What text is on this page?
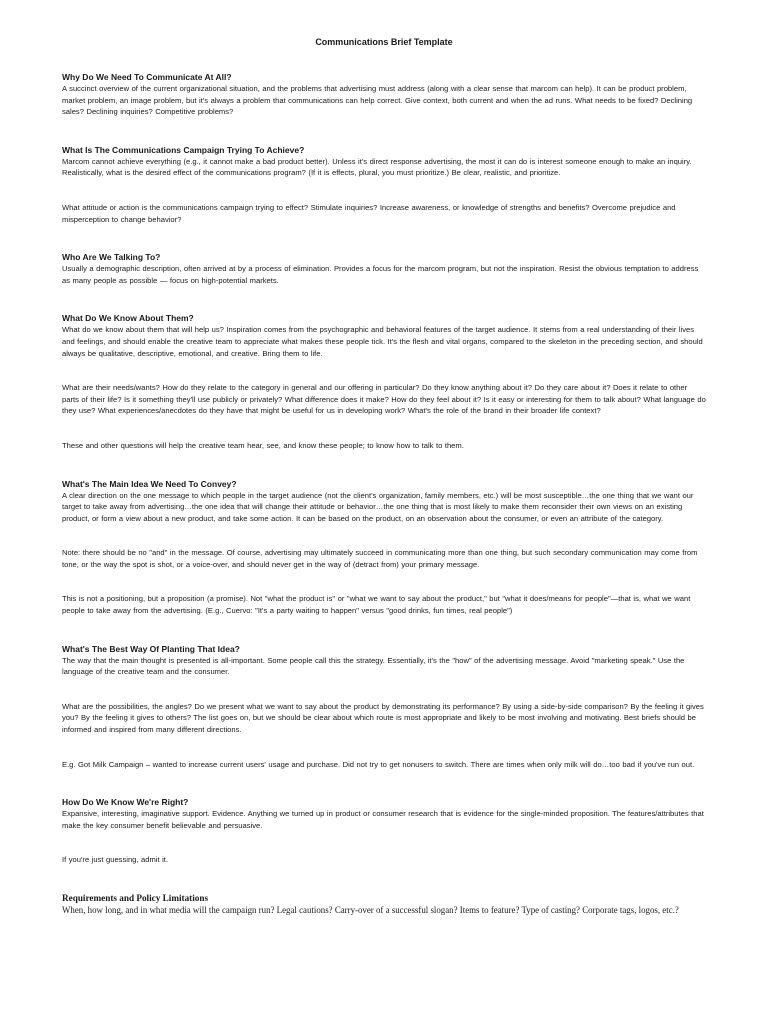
Communications Brief Template
Why Do We Need To Communicate At All?

A succinct overview of the current organizational situation, and the problems that advertising must address (along with a clear sense that marcom can help). It can be product problem, market problem, an image problem, but it's always a problem that communications can help correct. Give context, both current and when the ad runs. What needs to be fixed? Declining sales? Declining inquiries? Competitive problems?

What Is The Communications Campaign Trying To Achieve?

Marcom cannot achieve everything (e.g., it cannot make a bad product better). Unless it's direct response advertising, the most it can do is interest someone enough to make an inquiry. Realistically, what is the desired effect of the communications program? (If it is effects, plural, you must prioritize.) Be clear, realistic, and prioritize.

What attitude or action is the communications campaign trying to effect? Stimulate inquiries? Increase awareness, or knowledge of strengths and benefits? Overcome prejudice and misperception to change behavior?

Who Are We Talking To?

Usually a demographic description, often arrived at by a process of elimination. Provides a focus for the marcom program, but not the inspiration. Resist the obvious temptation to address as many people as possible — focus on high-potential markets.

What Do We Know About Them?

What do we know about them that will help us? Inspiration comes from the psychographic and behavioral features of the target audience. It stems from a real understanding of their lives and feelings, and should enable the creative team to appreciate what makes these people tick. It's the flesh and vital organs, compared to the skeleton in the preceding section, and should always be qualitative, descriptive, emotional, and creative. Bring them to life.

What are their needs/wants? How do they relate to the category in general and our offering in particular? Do they know anything about it? Do they care about it? Does it relate to other parts of their life? Is it something they'll use publicly or privately? What difference does it make? How do they feel about it? Is it easy or interesting for them to talk about? What language do they use? What experiences/anecdotes do they have that might be useful for us in developing work? What's the role of the brand in their broader life context?

These and other questions will help the creative team hear, see, and know these people; to know how to talk to them.

What's The Main Idea We Need To Convey?

A clear direction on the one message to which people in the target audience (not the client's organization, family members, etc.) will be most susceptible…the one thing that we want our target to take away from advertising…the one idea that will change their attitude or behavior…the one thing that is most likely to make them reconsider their own views on an existing product, or form a view about a new product, and take some action. It can be based on the product, on an observation about the consumer, or even an attribute of the category.

Note: there should be no "and" in the message. Of course, advertising may ultimately succeed in communicating more than one thing, but such secondary communication may come from tone, or the way the spot is shot, or a voice-over, and should never get in the way of (detract from) your primary message.

This is not a positioning, but a proposition (a promise). Not "what the product is" or "what we want to say about the product," but "what it does/means for people"—that is, what we want people to take away from the advertising. (E.g., Cuervo: "It's a party waiting to happen" versus "good drinks, fun times, real people")

What's The Best Way Of Planting That Idea?

The way that the main thought is presented is all-important. Some people call this the strategy. Essentially, it's the "how" of the advertising message. Avoid "marketing speak." Use the language of the creative team and the consumer.

What are the possibilities, the angles? Do we present what we want to say about the product by demonstrating its performance? By using a side-by-side comparison? By the feeling it gives you? By the feeling it gives to others? The list goes on, but we should be clear about which route is most appropriate and likely to be most involving and motivating. Best briefs should be informed and inspired from many different directions.

E.g. Got Milk Campaign – wanted to increase current users' usage and purchase. Did not try to get nonusers to switch. There are times when only milk will do…too bad if you've run out.

How Do We Know We're Right?

Expansive, interesting, imaginative support. Evidence. Anything we turned up in product or consumer research that is evidence for the single-minded proposition. The features/attributes that make the key consumer benefit believable and persuasive.

If you're just guessing, admit it.

Requirements and Policy Limitations

When, how long, and in what media will the campaign run? Legal cautions? Carry-over of a successful slogan? Items to feature? Type of casting? Corporate tags, logos, etc.?
